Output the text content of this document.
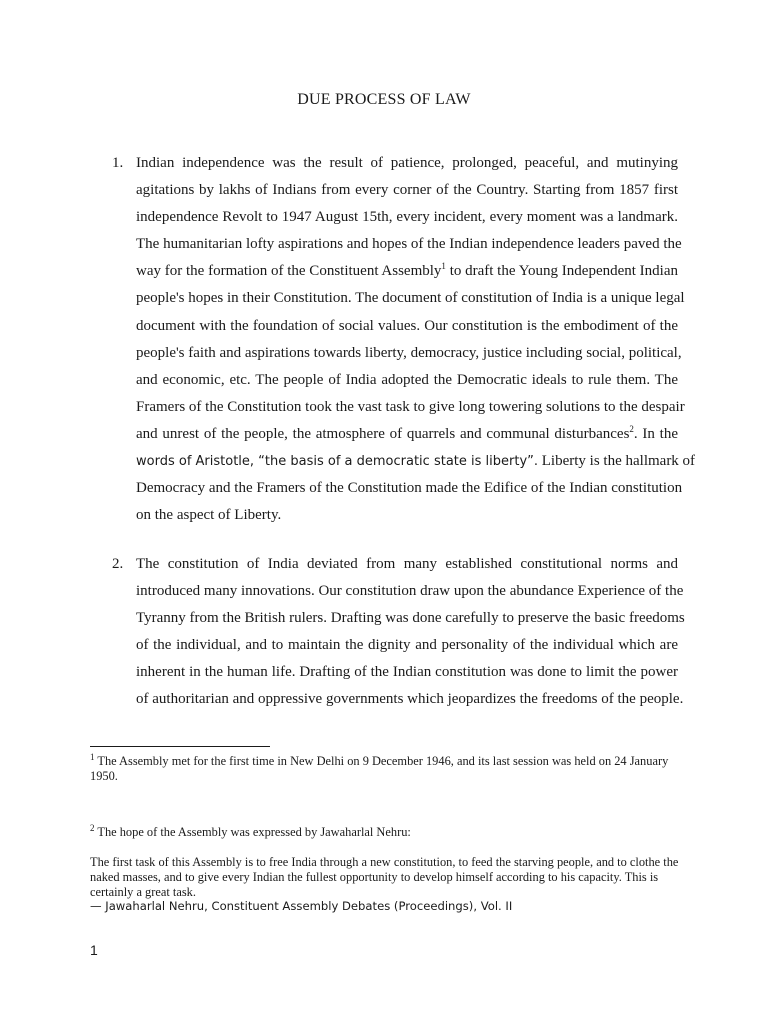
DUE PROCESS OF LAW
1. Indian independence was the result of patience, prolonged, peaceful, and mutinying
agitations by lakhs of Indians from every corner of the Country. Starting from 1857 first
independence Revolt to 1947 August 15th, every incident, every moment was a landmark.
The humanitarian lofty aspirations and hopes of the Indian independence leaders paved the
way for the formation of the Constituent Assembly$^1$ to draft the Young Independent Indian
people's hopes in their Constitution. The document of constitution of India is a unique legal
document with the foundation of social values. Our constitution is the embodiment of the
people's faith and aspirations towards liberty, democracy, justice including social, political,
and economic, etc. The people of India adopted the Democratic ideals to rule them. The
Framers of the Constitution took the vast task to give long towering solutions to the despair
and unrest of the people, the atmosphere of quarrels and communal disturbances$^2$. In the
words of Aristotle, “the basis of a democratic state is liberty”. Liberty is the hallmark of
Democracy and the Framers of the Constitution made the Edifice of the Indian constitution
on the aspect of Liberty.
2. The constitution of India deviated from many established constitutional norms and
introduced many innovations. Our constitution draw upon the abundance Experience of the
Tyranny from the British rulers. Drafting was done carefully to preserve the basic freedoms
of the individual, and to maintain the dignity and personality of the individual which are
inherent in the human life. Drafting of the Indian constitution was done to limit the power
of authoritarian and oppressive governments which jeopardizes the freedoms of the people.
$^1$ The Assembly met for the first time in New Delhi on 9 December 1946, and its last session was held on 24 January 1950.
$^2$ The hope of the Assembly was expressed by Jawaharlal Nehru:
The first task of this Assembly is to free India through a new constitution, to feed the starving people, and to clothe the naked masses, and to give every Indian the fullest opportunity to develop himself according to his capacity. This is certainly a great task.
— Jawaharlal Nehru, Constituent Assembly Debates (Proceedings), Vol. II
1
